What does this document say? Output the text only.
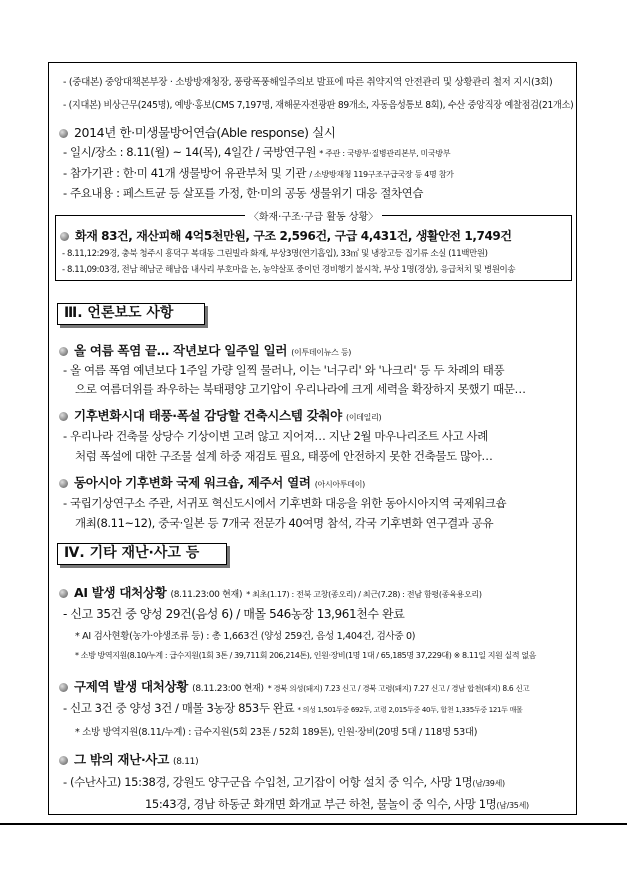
- (중대본) 중앙대책본부장 · 소방방재청장, 풍랑폭풍해일주의보 발표에 따른 취약지역 안전관리 및 상황관리 철저 지시(3회)
- (지대본) 비상근무(245명), 예방·홍보(CMS 7,197명, 재해문자전광판 89개소, 자동음성통보 8회), 수산 중앙직장 예찰점검(21개소)
2014년 한·미생물방어연습(Able response) 실시
- 일시/장소 : 8.11(월) ~ 14(목), 4일간 / 국방연구원 * 주관 : 국방부·질병관리본부, 미국방부
- 참가기관 : 한·미 41개 생물방어 유관부처 및 기관 / 소방방재청 119구조구급국장 등 4명 참가
- 주요내용 : 페스트균 등 살포를 가정, 한·미의 공동 생물위기 대응 절차연습
〈화재·구조·구급 활동 상황〉
화재 83건, 재산피해 4억5천만원, 구조 2,596건, 구급 4,431건, 생활안전 1,749건
- 8.11,12:29경, 충북 청주시 흥덕구 복대동 그린빌라 화재, 부상3명(연기흡입), 33㎡ 및 냉장고등 집기류 소실 (11백만원)
- 8.11,09:03경, 전남 해남군 해남읍 내사리 부호마을 논, 농약살포 중이던 경비행기 불시착, 부상 1명(경상), 응급처치 및 병원이송
Ⅲ. 언론보도 사항
올 여름 폭염 끝… 작년보다 일주일 일러 (이투데이뉴스 등)
- 올 여름 폭염 예년보다 1주일 가량 일찍 물러나, 이는 '너구리' 와 '나크리' 등 두 차례의 태풍
으로 여름더위를 좌우하는 북태평양 고기압이 우리나라에 크게 세력을 확장하지 못했기 때문…
기후변화시대 태풍·폭설 감당할 건축시스템 갖춰야 (이데일리)
- 우리나라 건축물 상당수 기상이변 고려 않고 지어져… 지난 2월 마우나리조트 사고 사례
처럼 폭설에 대한 구조물 설계 하중 재검토 필요, 태풍에 안전하지 못한 건축물도 많아…
동아시아 기후변화 국제 워크숍, 제주서 열려 (아시아투데이)
- 국립기상연구소 주관, 서귀포 혁신도시에서 기후변화 대응을 위한 동아시아지역 국제워크숍
개최(8.11~12), 중국·일본 등 7개국 전문가 40여명 참석, 각국 기후변화 연구결과 공유
Ⅳ. 기타 재난·사고 등
AI 발생 대처상황 (8.11.23:00 현재) * 최초(1.17) : 전북 고창(종오리) / 최근(7.28) : 전남 함평(종육용오리)
- 신고 35건 중 양성 29건(음성 6) / 매몰 546농장 13,961천수 완료
* AI 검사현황(농가·야생조류 등) : 총 1,663건 (양성 259건, 음성 1,404건, 검사중 0)
* 소방 방역지원(8.10/누계 : 급수지원(1회 3톤 / 39,711회 206,214톤), 인원·장비(1명 1대 / 65,185명 37,229대) ※ 8.11일 지원 실적 없음
구제역 발생 대처상황 (8.11.23:00 현재) * 경북 의성(돼지) 7.23 신고 / 경북 고령(돼지) 7.27 신고 / 경남 합천(돼지) 8.6 신고
- 신고 3건 중 양성 3건 / 매몰 3농장 853두 완료 * 의성 1,501두중 692두, 고령 2,015두중 40두, 합천 1,335두중 121두 매몰
* 소방 방역지원(8.11/누계) : 급수지원(5회 23톤 / 52회 189톤), 인원·장비(20명 5대 / 118명 53대)
그 밖의 재난·사고 (8.11)
- (수난사고) 15:38경, 강원도 양구군읍 수입천, 고기잡이 어항 설치 중 익수, 사망 1명(남/39세)
15:43경, 경남 하동군 화개면 화개교 부근 하천, 물놀이 중 익수, 사망 1명(남/35세)
